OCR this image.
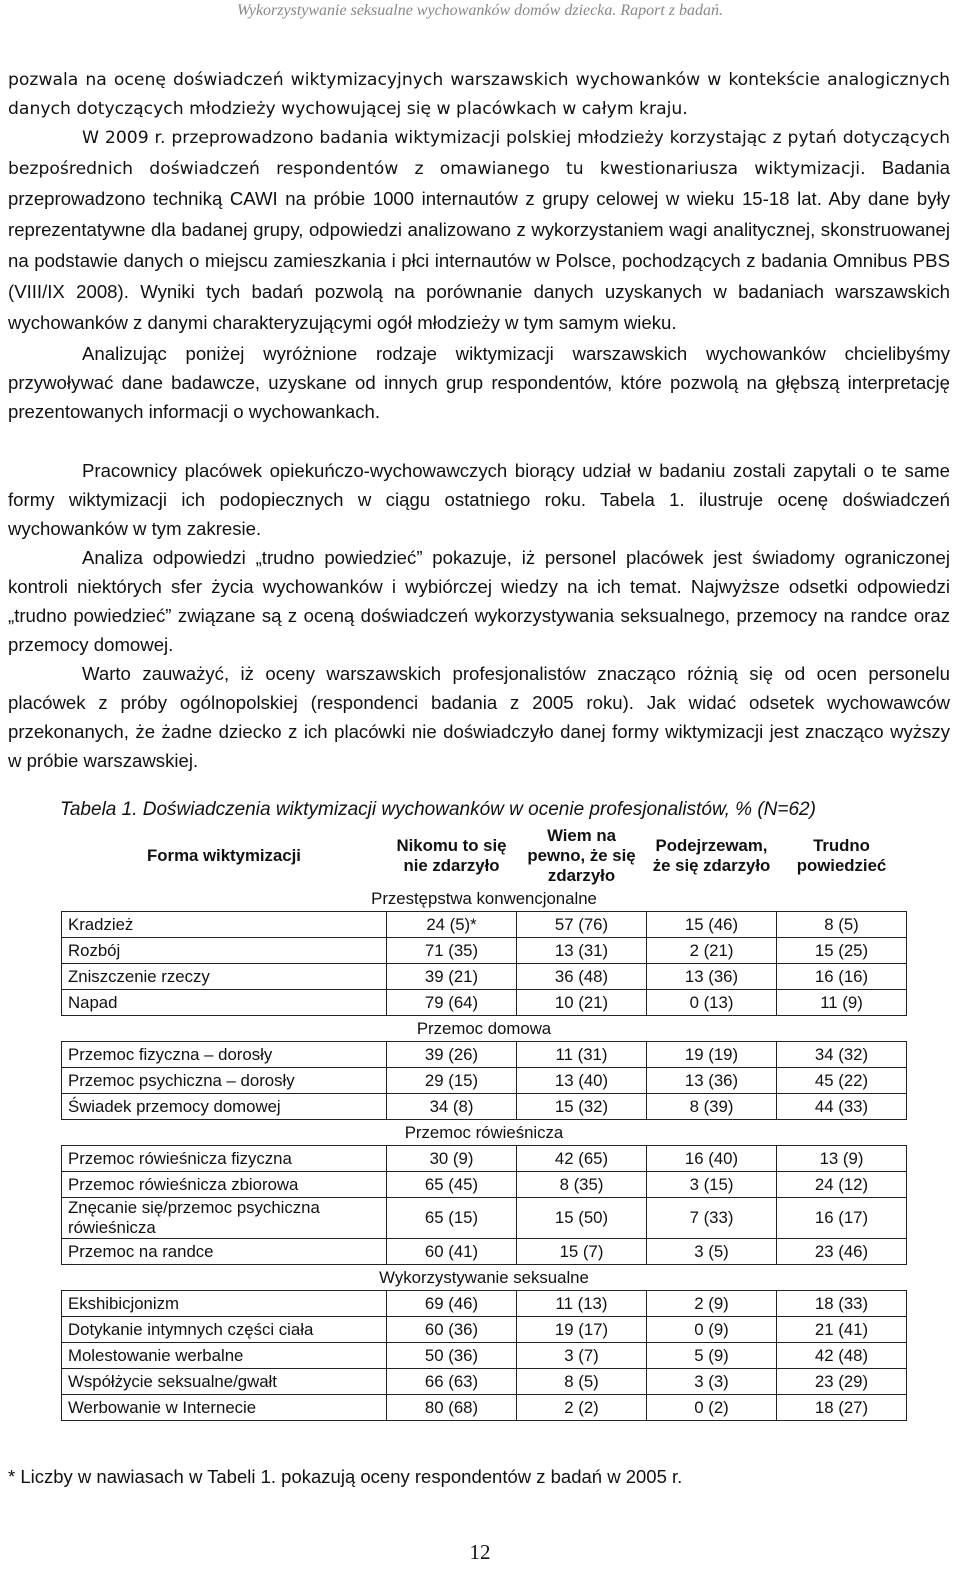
Wykorzystywanie seksualne wychowanków domów dziecka. Raport z badań.

pozwala na ocenę doświadczeń wiktymizacyjnych warszawskich wychowanków w kontekście analogicznych danych dotyczących młodzieży wychowującej się w placówkach w całym kraju.

W 2009 r. przeprowadzono badania wiktymizacji polskiej młodzieży korzystając z pytań dotyczących bezpośrednich doświadczeń respondentów z omawianego tu kwestionariusza wiktymizacji. Badania przeprowadzono techniką CAWI na próbie 1000 internautów z grupy celowej w wieku 15-18 lat. Aby dane były reprezentatywne dla badanej grupy, odpowiedzi analizowano z wykorzystaniem wagi analitycznej, skonstruowanej na podstawie danych o miejscu zamieszkania i płci internautów w Polsce, pochodzących z badania Omnibus PBS (VIII/IX 2008). Wyniki tych badań pozwolą na porównanie danych uzyskanych w badaniach warszawskich wychowanków z danymi charakteryzującymi ogół młodzieży w tym samym wieku.

Analizując poniżej wyróżnione rodzaje wiktymizacji warszawskich wychowanków chcielibyśmy przywoływać dane badawcze, uzyskane od innych grup respondentów, które pozwolą na głębszą interpretację prezentowanych informacji o wychowankach.

Pracownicy placówek opiekuńczo-wychowawczych biorący udział w badaniu zostali zapytali o te same formy wiktymizacji ich podopiecznych w ciągu ostatniego roku. Tabela 1. ilustruje ocenę doświadczeń wychowanków w tym zakresie.

Analiza odpowiedzi „trudno powiedzieć” pokazuje, iż personel placówek jest świadomy ograniczonej kontroli niektórych sfer życia wychowanków i wybiórczej wiedzy na ich temat. Najwyższe odsetki odpowiedzi „trudno powiedzieć” związane są z oceną doświadczeń wykorzystywania seksualnego, przemocy na randce oraz przemocy domowej.

Warto zauważyć, iż oceny warszawskich profesjonalistów znacząco różnią się od ocen personelu placówek z próby ogólnopolskiej (respondenci badania z 2005 roku). Jak widać odsetek wychowawców przekonanych, że żadne dziecko z ich placówki nie doświadczyło danej formy wiktymizacji jest znacząco wyższy w próbie warszawskiej.

Tabela 1. Doświadczenia wiktymizacji wychowanków w ocenie profesjonalistów, % (N=62)
Forma wiktymizacji	Nikomu to się nie zdarzyło	Wiem na pewno, że się zdarzyło	Podejrzewam, że się zdarzyło	Trudno powiedzieć
Przestępstwa konwencjonalne				
Kradzież	24 (5)*	57 (76)	15 (46)	8 (5)
Rozbój	71 (35)	13 (31)	2 (21)	15 (25)
Zniszczenie rzeczy	39 (21)	36 (48)	13 (36)	16 (16)
Napad	79 (64)	10 (21)	0 (13)	11 (9)
Przemoc domowa				
Przemoc fizyczna – dorosły	39 (26)	11 (31)	19 (19)	34 (32)
Przemoc psychiczna – dorosły	29 (15)	13 (40)	13 (36)	45 (22)
Świadek przemocy domowej	34 (8)	15 (32)	8 (39)	44 (33)
Przemoc rówieśnicza				
Przemoc rówieśnicza fizyczna	30 (9)	42 (65)	16 (40)	13 (9)
Przemoc rówieśnicza zbiorowa	65 (45)	8 (35)	3 (15)	24 (12)
Znęcanie się/przemoc psychiczna rówieśnicza	65 (15)	15 (50)	7 (33)	16 (17)
Przemoc na randce	60 (41)	15 (7)	3 (5)	23 (46)
Wykorzystywanie seksualne				
Ekshibicjonizm	69 (46)	11 (13)	2 (9)	18 (33)
Dotykanie intymnych części ciała	60 (36)	19 (17)	0 (9)	21 (41)
Molestowanie werbalne	50 (36)	3 (7)	5 (9)	42 (48)
Współżycie seksualne/gwałt	66 (63)	8 (5)	3 (3)	23 (29)
Werbowanie w Internecie	80 (68)	2 (2)	0 (2)	18 (27)
* Liczby w nawiasach w Tabeli 1. pokazują oceny respondentów z badań w 2005 r.
12
